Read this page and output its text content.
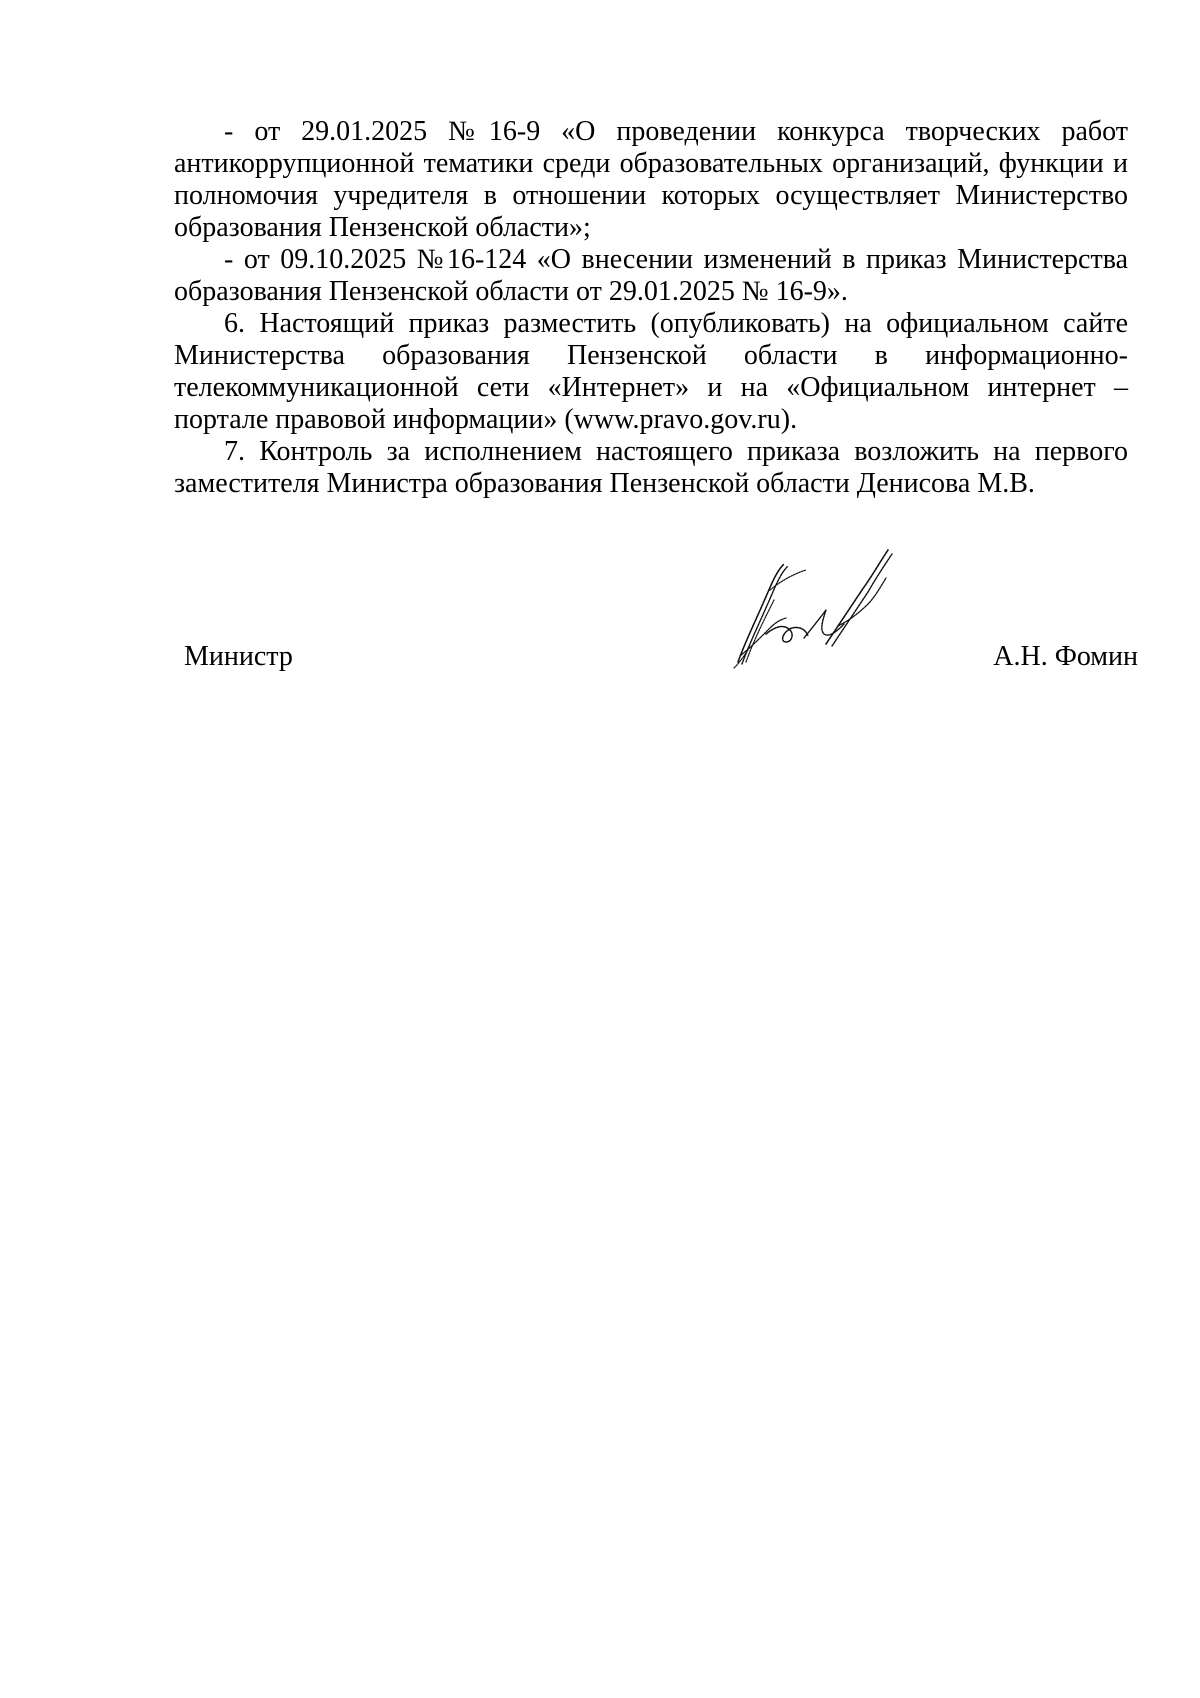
- от 29.01.2025 №16-9 «О проведении конкурса творческих работ антикоррупционной тематики среди образовательных организаций, функции и полномочия учредителя в отношении которых осуществляет Министерство образования Пензенской области»;

- от 09.10.2025 №16-124 «О внесении изменений в приказ Министерства образования Пензенской области от 29.01.2025 № 16-9».

6. Настоящий приказ разместить (опубликовать) на официальном сайте Министерства образования Пензенской области в информационно-телекоммуникационной сети «Интернет» и на «Официальном интернет – портале правовой информации» (www.pravo.gov.ru).

7. Контроль за исполнением настоящего приказа возложить на первого заместителя Министра образования Пензенской области Денисова М.В.

Министр	А.Н. Фомин
